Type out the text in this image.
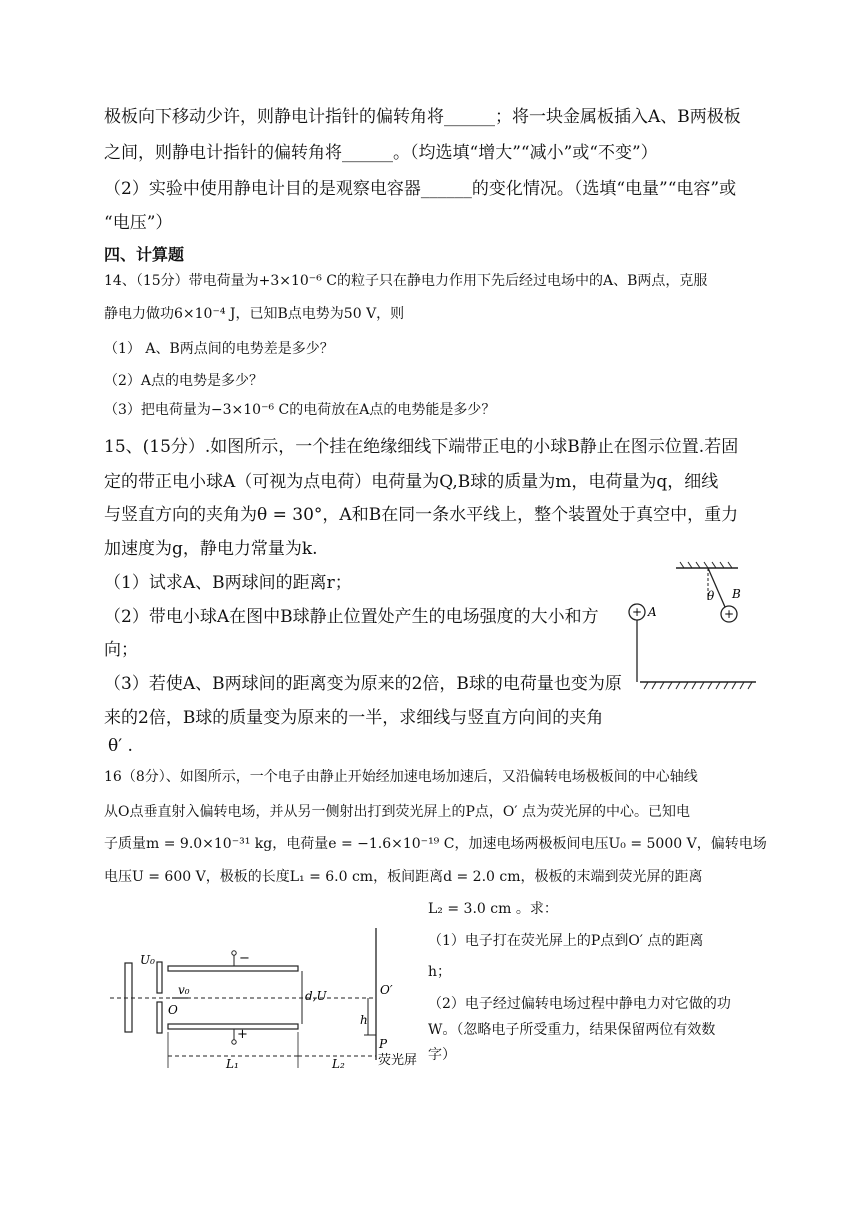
极板向下移动少许，则静电计指针的偏转角将______；将一块金属板插入A、B两极板
之间，则静电计指针的偏转角将______。（均选填“增大”“减小”或“不变”）
（2）实验中使用静电计目的是观察电容器______的变化情况。（选填“电量”“电容”或
“电压”）
四、计算题
14、（15分）带电荷量为+3×10⁻⁶ C的粒子只在静电力作用下先后经过电场中的A、B两点，克服
静电力做功6×10⁻⁴ J，已知B点电势为50 V，则
（1） A、B两点间的电势差是多少？
（2）A点的电势是多少？
（3）把电荷量为−3×10⁻⁶ C的电荷放在A点的电势能是多少？
15、(15分）.如图所示，一个挂在绝缘细线下端带正电的小球B静止在图示位置.若固
定的带正电小球A（可视为点电荷）电荷量为Q,B球的质量为m，电荷量为q，细线
与竖直方向的夹角为θ = 30°，A和B在同一条水平线上，整个装置处于真空中，重力
加速度为g，静电力常量为k.
（1）试求A、B两球间的距离r；
（2）带电小球A在图中B球静止位置处产生的电场强度的大小和方
向；
（3）若使A、B两球间的距离变为原来的2倍，B球的电荷量也变为原
来的2倍，B球的质量变为原来的一半，求细线与竖直方向间的夹角
θ′ .
θ B
+
+ A
16（8分）、如图所示，一个电子由静止开始经加速电场加速后，又沿偏转电场极板间的中心轴线
从O点垂直射入偏转电场，并从另一侧射出打到荧光屏上的P点，O′ 点为荧光屏的中心。已知电
子质量m = 9.0×10⁻³¹ kg，电荷量e = −1.6×10⁻¹⁹ C，加速电场两极板间电压U₀ = 5000 V，偏转电场
电压U = 600 V，极板的长度L₁ = 6.0 cm，板间距离d = 2.0 cm，极板的末端到荧光屏的距离
L₂ = 3.0 cm 。求：
（1）电子打在荧光屏上的P点到O′ 点的距离
h；
（2）电子经过偏转电场过程中静电力对它做的功
W。（忽略电子所受重力，结果保留两位有效数
字）
U₀	−
+
v₀
O
d,U	O′
h
P
L₁	L₂	荧光屏
